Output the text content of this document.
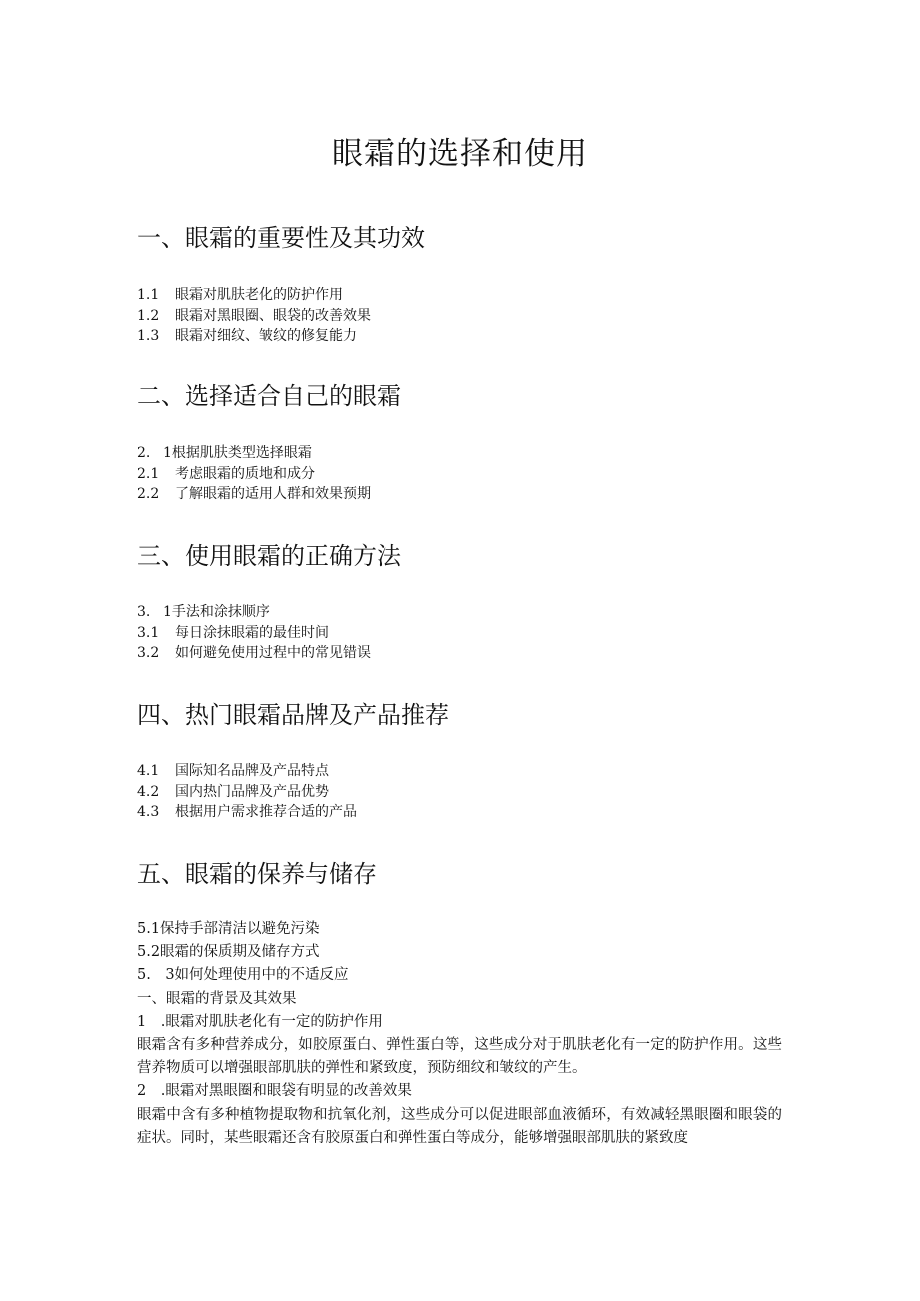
眼霜的选择和使用
一、眼霜的重要性及其功效
1.1 眼霜对肌肤老化的防护作用
1.2 眼霜对黑眼圈、眼袋的改善效果
1.3 眼霜对细纹、皱纹的修复能力
二、选择适合自己的眼霜
2. 1根据肌肤类型选择眼霜
2.1 考虑眼霜的质地和成分
2.2 了解眼霜的适用人群和效果预期
三、使用眼霜的正确方法
3. 1手法和涂抹顺序
3.1 每日涂抹眼霜的最佳时间
3.2 如何避免使用过程中的常见错误
四、热门眼霜品牌及产品推荐
4.1 国际知名品牌及产品特点
4.2 国内热门品牌及产品优势
4.3 根据用户需求推荐合适的产品
五、眼霜的保养与储存
5.1保持手部清洁以避免污染
5.2眼霜的保质期及储存方式
5.　3如何处理使用中的不适反应
一、眼霜的背景及其效果
1　.眼霜对肌肤老化有一定的防护作用

眼霜含有多种营养成分，如胶原蛋白、弹性蛋白等，这些成分对于肌肤老化有一定的防护作用。这些营养物质可以增强眼部肌肤的弹性和紧致度，预防细纹和皱纹的产生。

2　.眼霜对黑眼圈和眼袋有明显的改善效果

眼霜中含有多种植物提取物和抗氧化剂，这些成分可以促进眼部血液循环，有效减轻黑眼圈和眼袋的症状。同时，某些眼霜还含有胶原蛋白和弹性蛋白等成分，能够增强眼部肌肤的紧致度
